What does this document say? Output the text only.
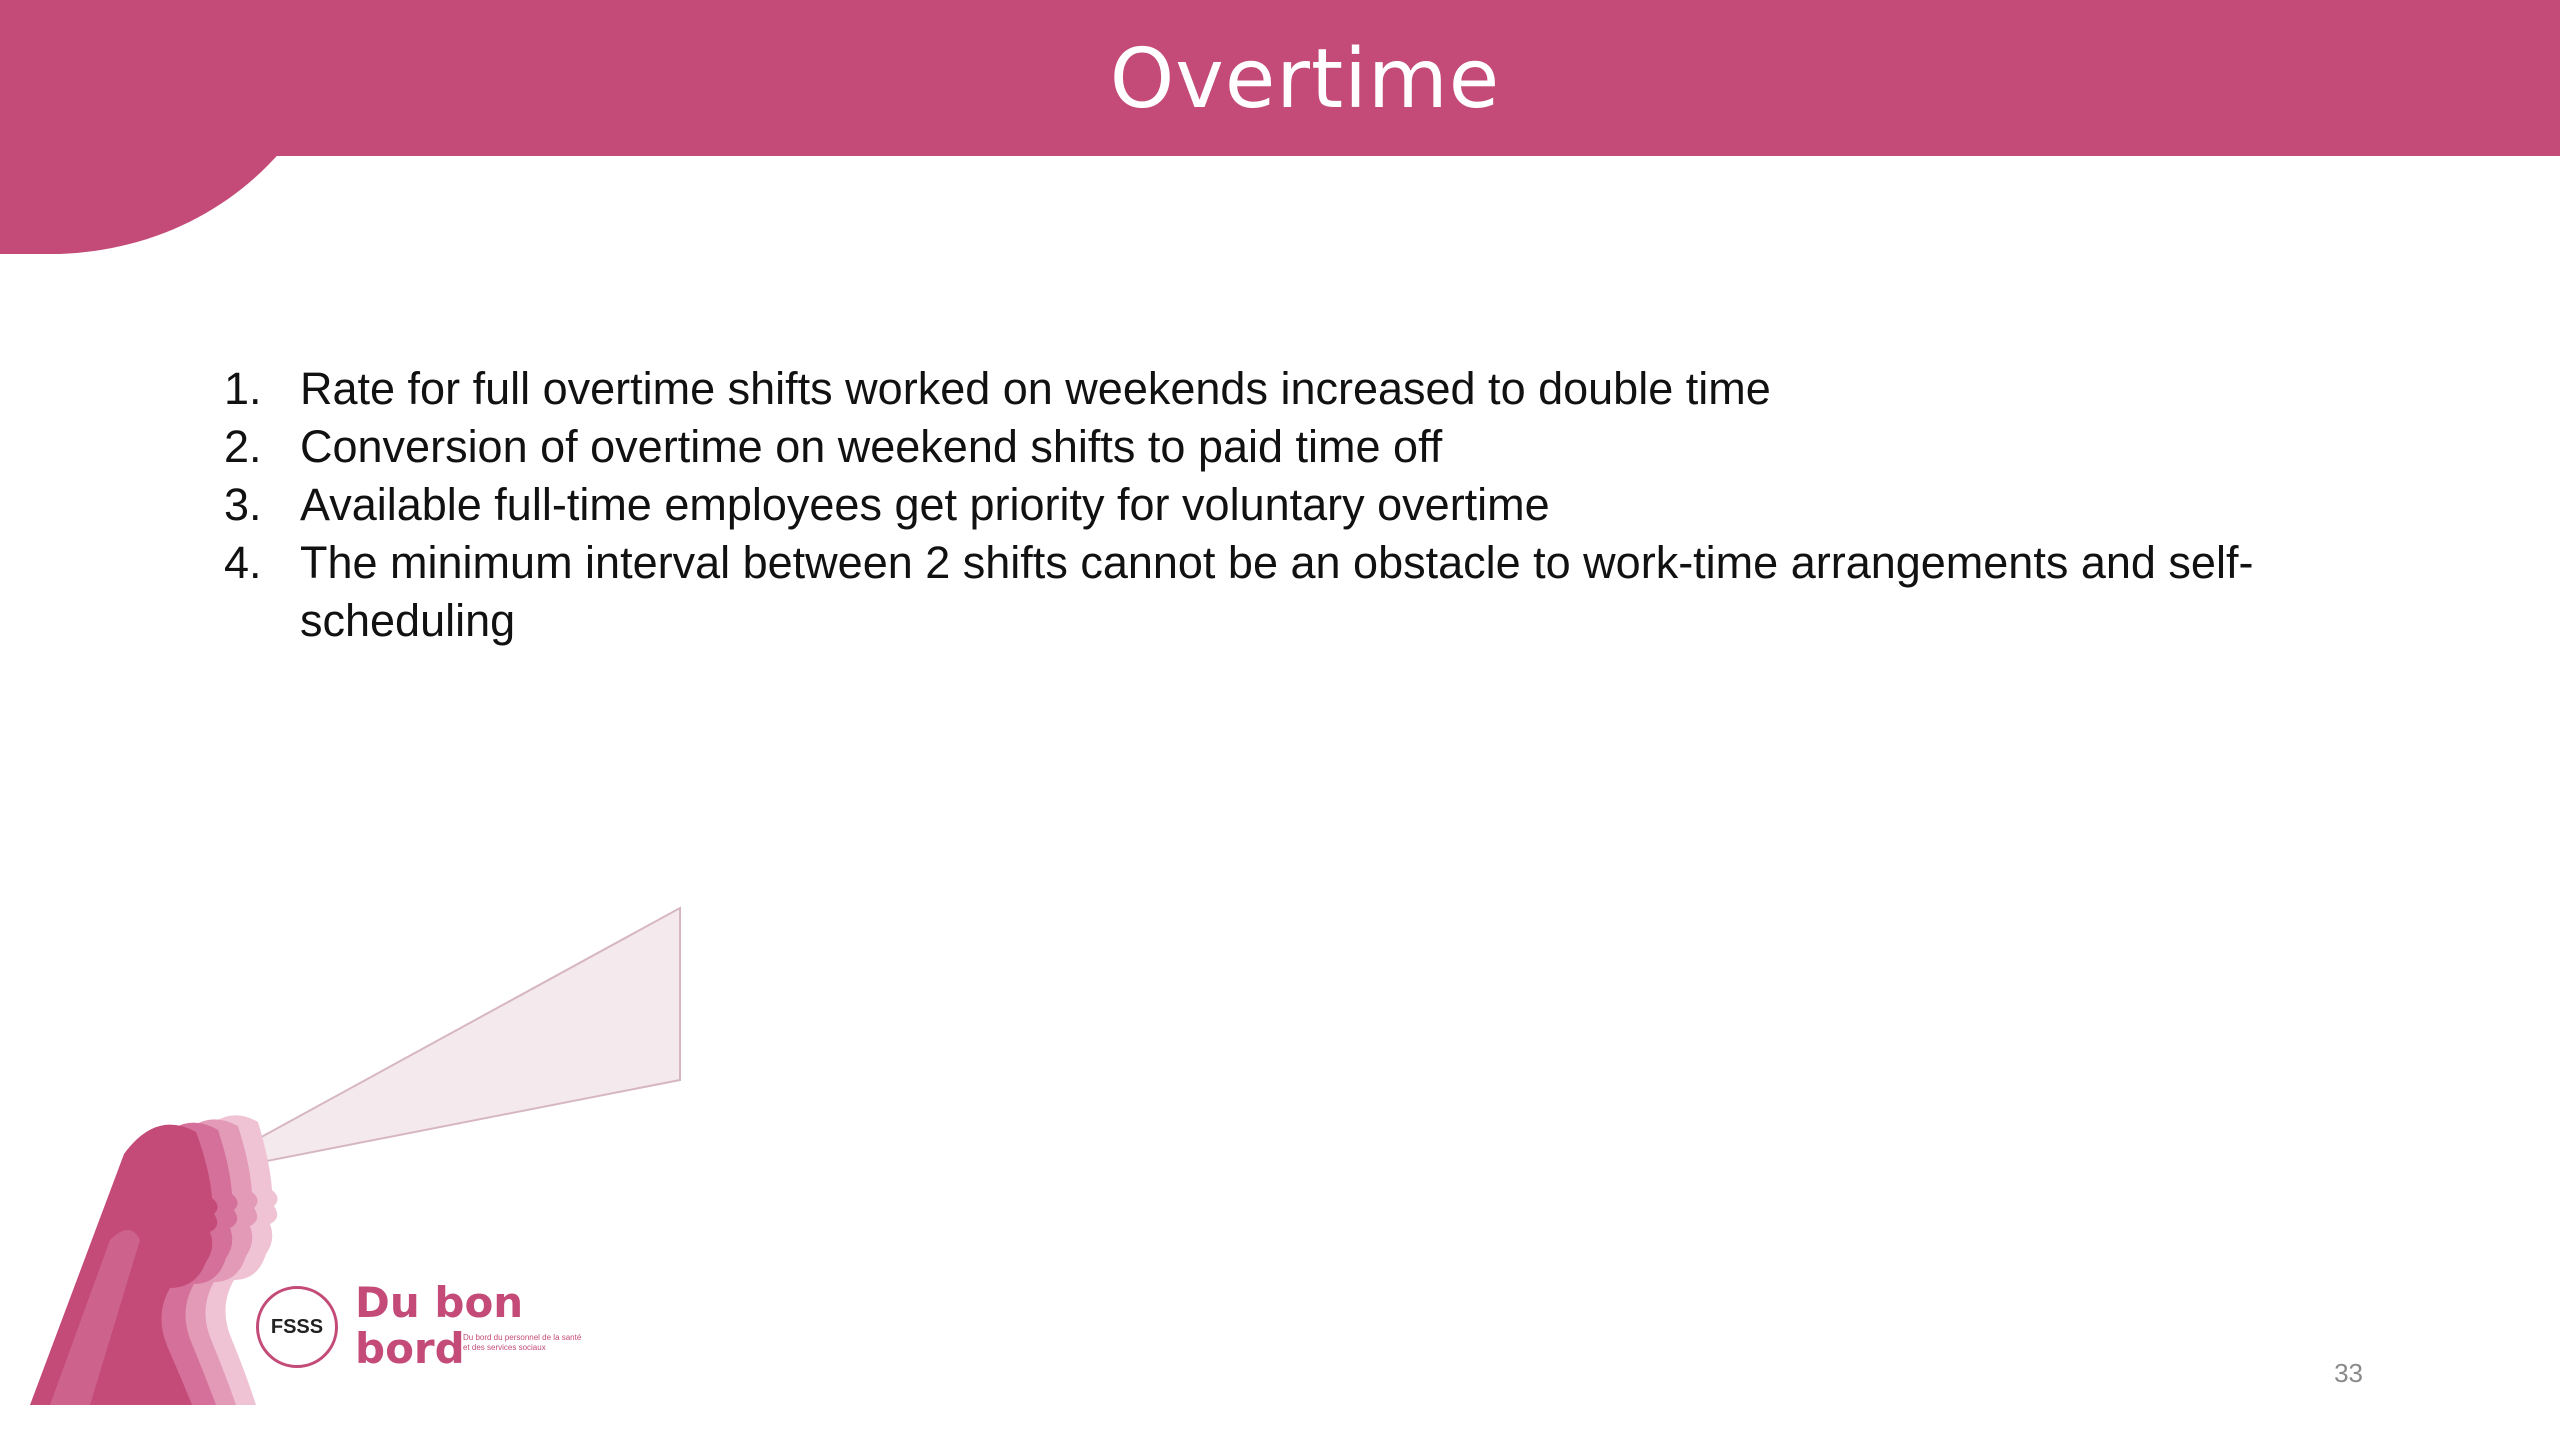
Overtime
1. Rate for full overtime shifts worked on weekends increased to double time
2. Conversion of overtime on weekend shifts to paid time off
3. Available full-time employees get priority for voluntary overtime
4. The minimum interval between 2 shifts cannot be an obstacle to work-time arrangements and self-scheduling
FSSS Du bon
bord
Du bord du personnel de la santé et des services sociaux
33
